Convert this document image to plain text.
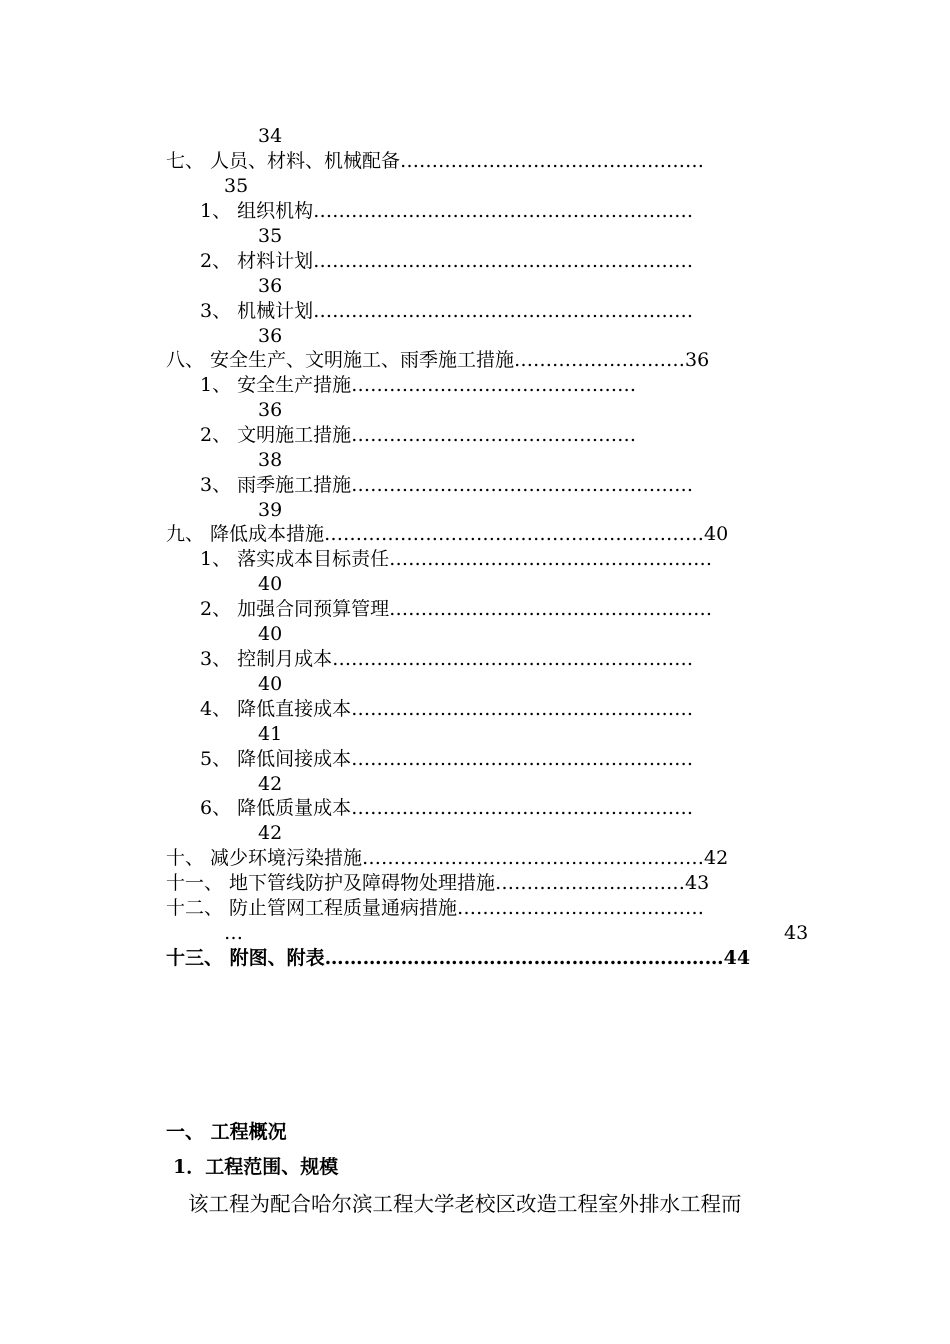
34
七、 人员、材料、机械配备…………………………………………
35
1、 组织机构……………………………………………………
35
2、 材料计划……………………………………………………
36
3、 机械计划……………………………………………………
36
八、 安全生产、文明施工、雨季施工措施………………………36
1、 安全生产措施………………………………………
36
2、 文明施工措施………………………………………
38
3、 雨季施工措施………………………………………………
39
九、 降低成本措施……………………………………………………40
1、 落实成本目标责任……………………………………………
40
2、 加强合同预算管理……………………………………………
40
3、 控制月成本…………………………………………………
40
4、 降低直接成本………………………………………………
41
5、 降低间接成本………………………………………………
42
6、 降低质量成本………………………………………………
42
十、 减少环境污染措施………………………………………………42
十一、 地下管线防护及障碍物处理措施…………………………43
十二、 防止管网工程质量通病措施…………………………………
…	43
十三、 附图、附表………………………………………………………44
一、 工程概况
1．工程范围、规模
该工程为配合哈尔滨工程大学老校区改造工程室外排水工程而
